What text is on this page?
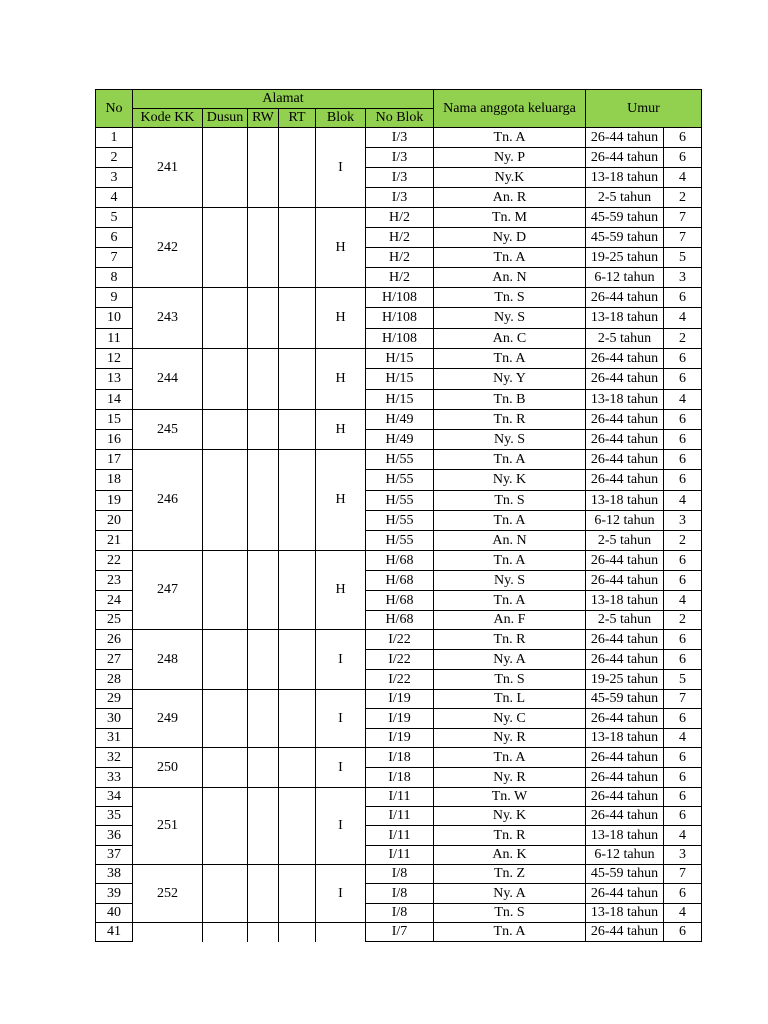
No	Alamat						Nama anggota keluarga	Umur	
	Kode KK	Dusun	RW	RT	Blok	No Blok			
1	241				I	I/3	Tn. A	26-44 tahun	6
2						I/3	Ny. P	26-44 tahun	6
3						I/3	Ny.K	13-18 tahun	4
4						I/3	An. R	2-5 tahun	2
5	242				H	H/2	Tn. M	45-59 tahun	7
6						H/2	Ny. D	45-59 tahun	7
7						H/2	Tn. A	19-25 tahun	5
8						H/2	An. N	6-12 tahun	3
9	243				H	H/108	Tn. S	26-44 tahun	6
10						H/108	Ny. S	13-18 tahun	4
11						H/108	An. C	2-5 tahun	2
12	244				H	H/15	Tn. A	26-44 tahun	6
13						H/15	Ny. Y	26-44 tahun	6
14						H/15	Tn. B	13-18 tahun	4
15	245				H	H/49	Tn. R	26-44 tahun	6
16						H/49	Ny. S	26-44 tahun	6
17	246				H	H/55	Tn. A	26-44 tahun	6
18						H/55	Ny. K	26-44 tahun	6
19						H/55	Tn. S	13-18 tahun	4
20						H/55	Tn. A	6-12 tahun	3
21						H/55	An. N	2-5 tahun	2
22	247				H	H/68	Tn. A	26-44 tahun	6
23						H/68	Ny. S	26-44 tahun	6
24						H/68	Tn. A	13-18 tahun	4
25						H/68	An. F	2-5 tahun	2
26	248				I	I/22	Tn. R	26-44 tahun	6
27						I/22	Ny. A	26-44 tahun	6
28						I/22	Tn. S	19-25 tahun	5
29	249				I	I/19	Tn. L	45-59 tahun	7
30						I/19	Ny. C	26-44 tahun	6
31						I/19	Ny. R	13-18 tahun	4
32	250				I	I/18	Tn. A	26-44 tahun	6
33						I/18	Ny. R	26-44 tahun	6
34	251				I	I/11	Tn. W	26-44 tahun	6
35						I/11	Ny. K	26-44 tahun	6
36						I/11	Tn. R	13-18 tahun	4
37						I/11	An. K	6-12 tahun	3
38	252				I	I/8	Tn. Z	45-59 tahun	7
39						I/8	Ny. A	26-44 tahun	6
40						I/8	Tn. S	13-18 tahun	4
41						I/7	Tn. A	26-44 tahun	6
